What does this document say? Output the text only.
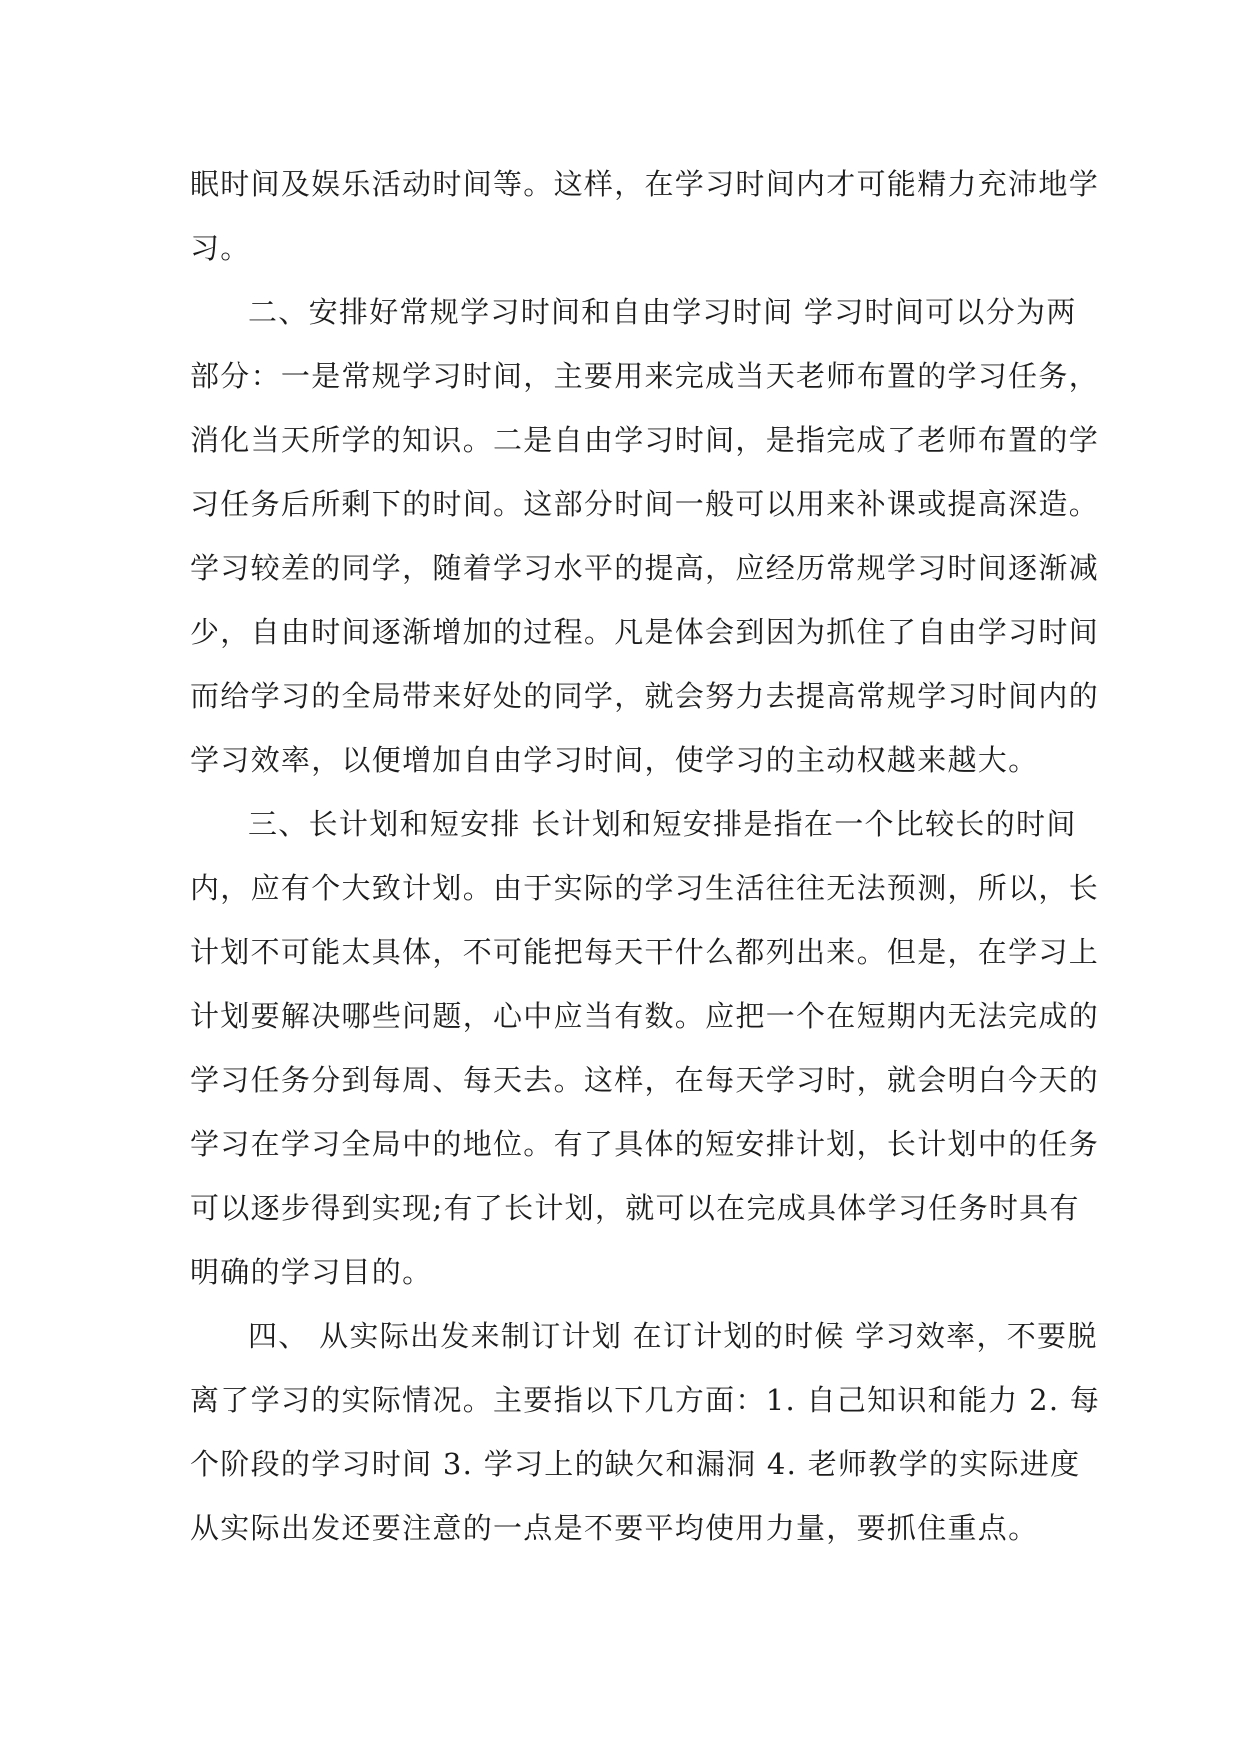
眠时间及娱乐活动时间等。这样，在学习时间内才可能精力充沛地学
习。
二、安排好常规学习时间和自由学习时间 学习时间可以分为两
部分：一是常规学习时间，主要用来完成当天老师布置的学习任务，
消化当天所学的知识。二是自由学习时间，是指完成了老师布置的学
习任务后所剩下的时间。这部分时间一般可以用来补课或提高深造。
学习较差的同学，随着学习水平的提高，应经历常规学习时间逐渐减
少，自由时间逐渐增加的过程。凡是体会到因为抓住了自由学习时间
而给学习的全局带来好处的同学，就会努力去提高常规学习时间内的
学习效率，以便增加自由学习时间，使学习的主动权越来越大。
三、长计划和短安排 长计划和短安排是指在一个比较长的时间
内，应有个大致计划。由于实际的学习生活往往无法预测，所以，长
计划不可能太具体，不可能把每天干什么都列出来。但是，在学习上
计划要解决哪些问题，心中应当有数。应把一个在短期内无法完成的
学习任务分到每周、每天去。这样，在每天学习时，就会明白今天的
学习在学习全局中的地位。有了具体的短安排计划，长计划中的任务
可以逐步得到实现;有了长计划，就可以在完成具体学习任务时具有
明确的学习目的。
四、 从实际出发来制订计划 在订计划的时候 学习效率，不要脱
离了学习的实际情况。主要指以下几方面：1. 自己知识和能力 2. 每
个阶段的学习时间 3. 学习上的缺欠和漏洞 4. 老师教学的实际进度
从实际出发还要注意的一点是不要平均使用力量，要抓住重点。
